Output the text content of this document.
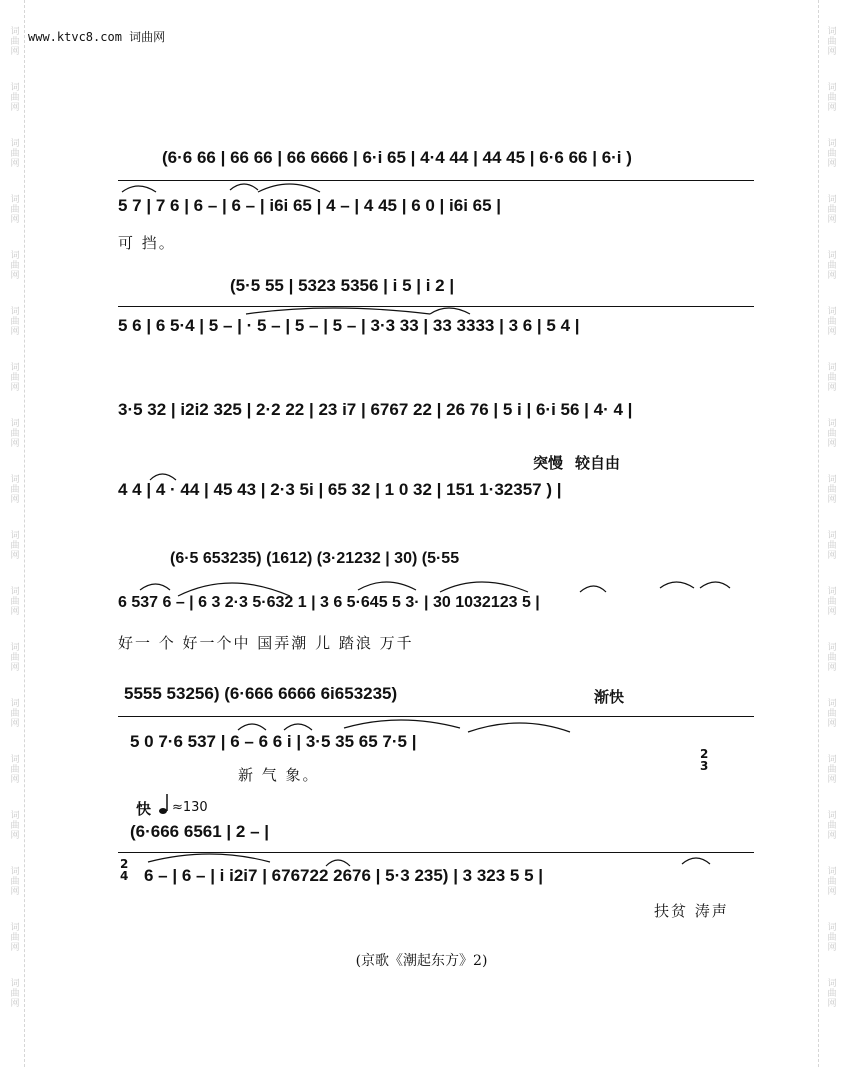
词曲网
词曲网
词曲网
词曲网
词曲网
词曲网
词曲网
词曲网
词曲网
词曲网
词曲网
词曲网
词曲网
词曲网
词曲网
词曲网
词曲网
词曲网
词曲网
词曲网
词曲网
词曲网
词曲网
词曲网
词曲网
词曲网
词曲网
词曲网
词曲网
词曲网
词曲网
词曲网
词曲网
词曲网
词曲网
词曲网
www.ktvc8.com 词曲网
(6·6 66 | 66 66 | 66 6666 | 6·i 65 | 4·4 44 | 44 45 | 6·6 66 | 6·i )
5 7 | 7 6 | 6 – | 6 – | i6i 65 | 4 – | 4 45 | 6 0 | i6i 65 |
可 挡。
(5·5 55 | 5323 5356 | i 5 | i 2 |
5 6 | 6 5·4 | 5 – | · 5 – | 5 – | 5 – | 3·3 33 | 33 3333 | 3 6 | 5 4 |
3·5 32 | i2i2 325 | 2·2 22 | 23 i7 | 6767 22 | 26 76 | 5 i | 6·i 56 | 4· 4 |
突慢 较自由
4 4 | 4 · 44 | 45 43 | 2·3 5i | 65 32 | 1 0 32 | 151 1·32357 ) |
(6·5 653235) (1612) (3·21232 | 30) (5·55
6 537 6 – | 6 3 2·3 5·632 1 | 3 6 5·645 5 3· | 30 1032123 5 |
好一 个 好一个中 国弄潮 儿 踏浪 万千
渐快
5555 53256) (6·666 6666 6i653235)
5 0 7·6 537 | 6 – 6 6 i | 3·5 35 65 7·5 |
2
3
新 气 象。
快 ≈130
(6·666 6561 | 2 – |
2
4 6 – | 6 – | i i2i7 | 676722 2676 | 5·3 235) | 3 323 5 5 |
扶贫 涛声
(京歌《潮起东方》2)
